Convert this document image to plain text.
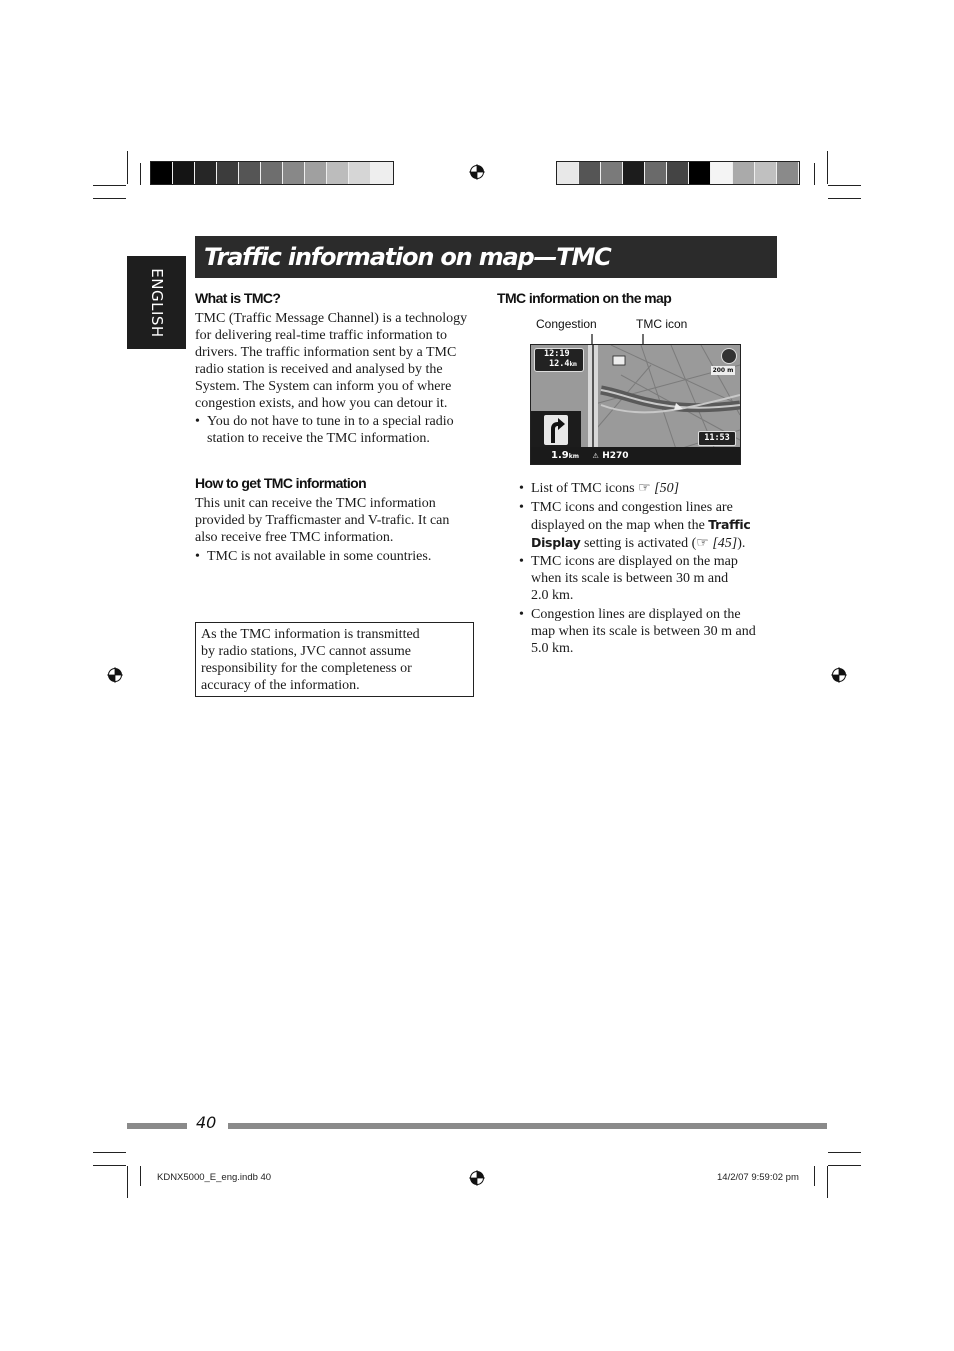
Traffic information on map—TMC
ENGLISH What is TMC?
TMC (Traffic Message Channel) is a technology
for delivering real-time traffic information to
drivers. The traffic information sent by a TMC
radio station is received and analysed by the
System. The System can inform you of where
congestion exists, and how you can detour it.
• You do not have to tune in to a special radio
station to receive the TMC information.
How to get TMC information
This unit can receive the TMC information
provided by Trafficmaster and V-trafic. It can
also receive free TMC information.
• TMC is not available in some countries.
As the TMC information is transmitted
by radio stations, JVC cannot assume
responsibility for the completeness or
accuracy of the information.
TMC information on the map
Congestion	TMC icon
12:19
12.4km
200 m
1.9km ⚠ H270
11:53
• List of TMC icons ☞ [50]
• TMC icons and congestion lines are
displayed on the map when the Traffic
Display setting is activated (☞ [45]).
• TMC icons are displayed on the map
when its scale is between 30 m and
2.0 km.
• Congestion lines are displayed on the
map when its scale is between 30 m and
5.0 km.
40
KDNX5000_E_eng.indb 40	14/2/07 9:59:02 pm
